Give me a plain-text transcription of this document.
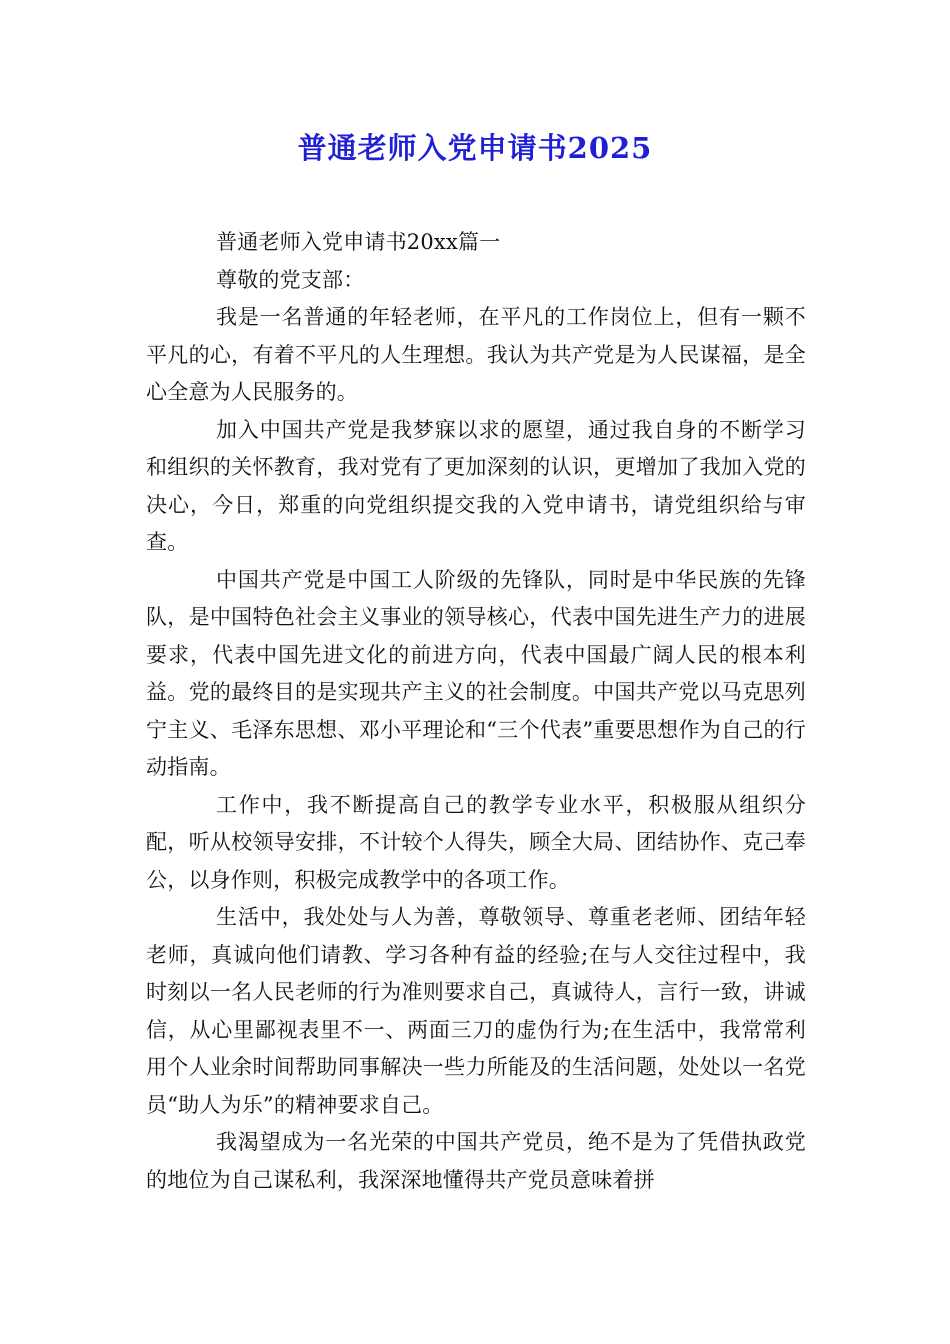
普通老师入党申请书2025

普通老师入党申请书20xx篇一

尊敬的党支部：

我是一名普通的年轻老师，在平凡的工作岗位上，但有一颗不平凡的心，有着不平凡的人生理想。我认为共产党是为人民谋福，是全心全意为人民服务的。

加入中国共产党是我梦寐以求的愿望，通过我自身的不断学习和组织的关怀教育，我对党有了更加深刻的认识，更增加了我加入党的决心，今日，郑重的向党组织提交我的入党申请书，请党组织给与审查。

中国共产党是中国工人阶级的先锋队，同时是中华民族的先锋队，是中国特色社会主义事业的领导核心，代表中国先进生产力的进展要求，代表中国先进文化的前进方向，代表中国最广阔人民的根本利益。党的最终目的是实现共产主义的社会制度。中国共产党以马克思列宁主义、毛泽东思想、邓小平理论和“三个代表”重要思想作为自己的行动指南。

工作中，我不断提高自己的教学专业水平，积极服从组织分配，听从校领导安排，不计较个人得失，顾全大局、团结协作、克己奉公，以身作则，积极完成教学中的各项工作。

生活中，我处处与人为善，尊敬领导、尊重老老师、团结年轻老师，真诚向他们请教、学习各种有益的经验;在与人交往过程中，我时刻以一名人民老师的行为准则要求自己，真诚待人，言行一致，讲诚信，从心里鄙视表里不一、两面三刀的虚伪行为;在生活中，我常常利用个人业余时间帮助同事解决一些力所能及的生活问题，处处以一名党员“助人为乐”的精神要求自己。

我渴望成为一名光荣的中国共产党员，绝不是为了凭借执政党的地位为自己谋私利，我深深地懂得共产党员意味着拼
